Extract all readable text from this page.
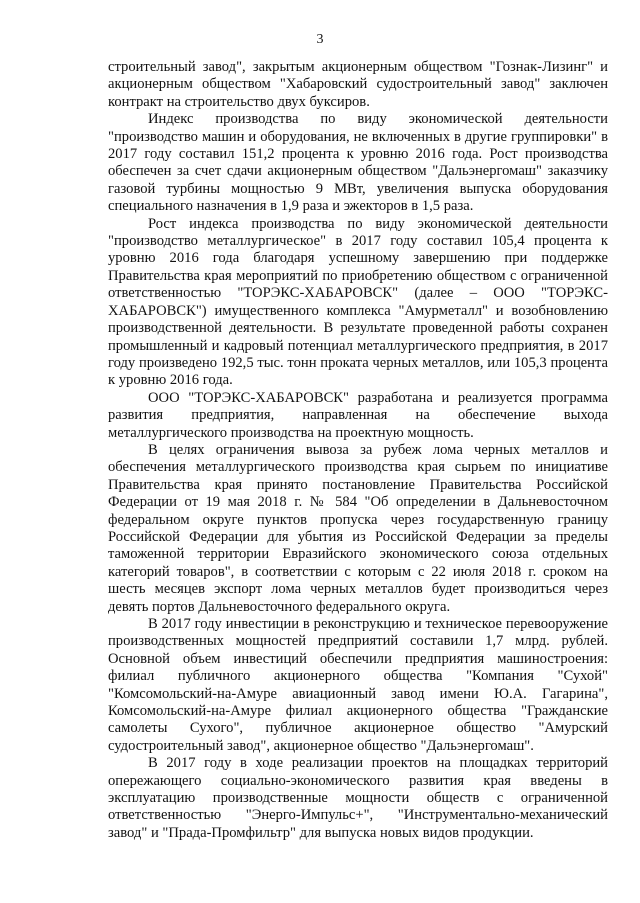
3

строительный завод", закрытым акционерным обществом "Гознак-Лизинг" и акционерным обществом "Хабаровский судостроительный завод" заключен контракт на строительство двух буксиров.

Индекс производства по виду экономической деятельности "производство машин и оборудования, не включенных в другие группировки" в 2017 году составил 151,2 процента к уровню 2016 года. Рост производства обеспечен за счет сдачи акционерным обществом "Дальэнергомаш" заказчику газовой турбины мощностью 9 МВт, увеличения выпуска оборудования специального назначения в 1,9 раза и эжекторов в 1,5 раза.

Рост индекса производства по виду экономической деятельности "производство металлургическое" в 2017 году составил 105,4 процента к уровню 2016 года благодаря успешному завершению при поддержке Правительства края мероприятий по приобретению обществом с ограниченной ответственностью "ТОРЭКС-ХАБАРОВСК" (далее – ООО "ТОРЭКС-ХАБАРОВСК") имущественного комплекса "Амурметалл" и возобновлению производственной деятельности. В результате проведенной работы сохранен промышленный и кадровый потенциал металлургического предприятия, в 2017 году произведено 192,5 тыс. тонн проката черных металлов, или 105,3 процента к уровню 2016 года.

ООО "ТОРЭКС-ХАБАРОВСК" разработана и реализуется программа развития предприятия, направленная на обеспечение выхода металлургического производства на проектную мощность.

В целях ограничения вывоза за рубеж лома черных металлов и обеспечения металлургического производства края сырьем по инициативе Правительства края принято постановление Правительства Российской Федерации от 19 мая 2018 г. № 584 "Об определении в Дальневосточном федеральном округе пунктов пропуска через государственную границу Российской Федерации для убытия из Российской Федерации за пределы таможенной территории Евразийского экономического союза отдельных категорий товаров", в соответствии с которым с 22 июля 2018 г. сроком на шесть месяцев экспорт лома черных металлов будет производиться через девять портов Дальневосточного федерального округа.

В 2017 году инвестиции в реконструкцию и техническое перевооружение производственных мощностей предприятий составили 1,7 млрд. рублей. Основной объем инвестиций обеспечили предприятия машиностроения: филиал публичного акционерного общества "Компания "Сухой" "Комсомольский-на-Амуре авиационный завод имени Ю.А. Гагарина", Комсомольский-на-Амуре филиал акционерного общества "Гражданские самолеты Сухого", публичное акционерное общество "Амурский судостроительный завод", акционерное общество "Дальэнергомаш".

В 2017 году в ходе реализации проектов на площадках территорий опережающего социально-экономического развития края введены в эксплуатацию производственные мощности обществ с ограниченной ответственностью "Энерго-Импульс+", "Инструментально-механический завод" и "Прада-Промфильтр" для выпуска новых видов продукции.
